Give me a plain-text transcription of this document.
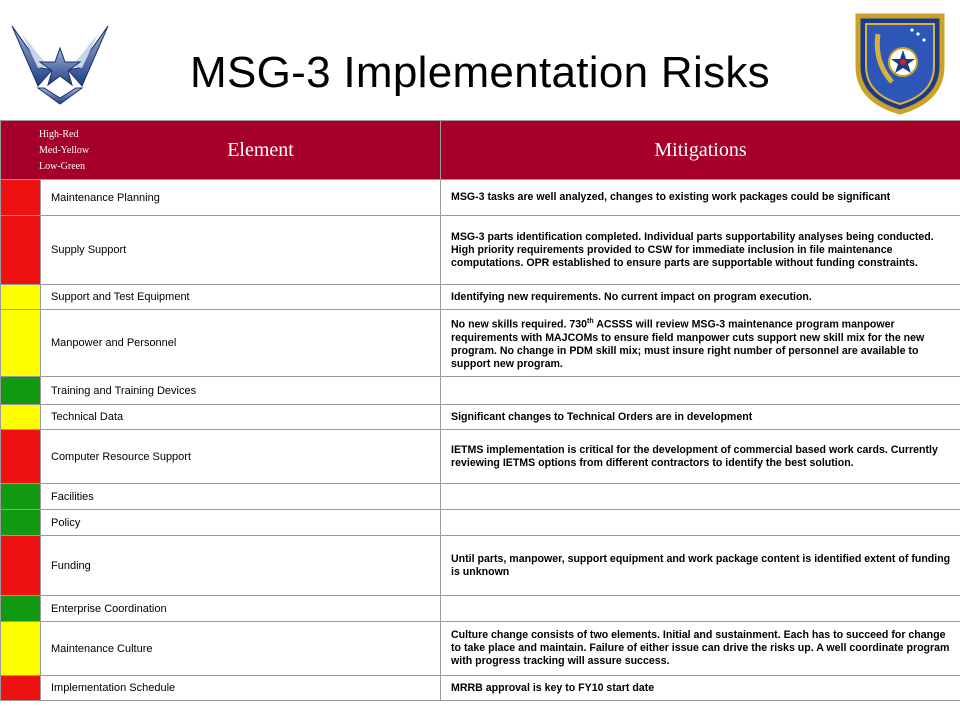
MSG-3 Implementation Risks
High-Red
Med-Yellow
Low-Green
Element		Mitigations
	Maintenance Planning	MSG-3 tasks are well analyzed, changes to existing work packages could be significant
	Supply Support	MSG-3 parts identification completed. Individual parts supportability analyses being conducted. High priority requirements provided to CSW for immediate inclusion in file maintenance computations. OPR established to ensure parts are supportable without funding constraints.
	Support and Test Equipment	Identifying new requirements. No current impact on program execution.
	Manpower and Personnel	No new skills required. 730th ACSSS will review MSG-3 maintenance program manpower requirements with MAJCOMs to ensure field manpower cuts support new skill mix for the new program. No change in PDM skill mix; must insure right number of personnel are available to support new program.
	Training and Training Devices	
	Technical Data	Significant changes to Technical Orders are in development
	Computer Resource Support	IETMS implementation is critical for the development of commercial based work cards. Currently reviewing IETMS options from different contractors to identify the best solution.
	Facilities	
	Policy	
	Funding	Until parts, manpower, support equipment and work package content is identified extent of funding is unknown
	Enterprise Coordination	
	Maintenance Culture	Culture change consists of two elements. Initial and sustainment. Each has to succeed for change to take place and maintain. Failure of either issue can drive the risks up. A well coordinate program with progress tracking will assure success.
	Implementation Schedule	MRRB approval is key to FY10 start date
